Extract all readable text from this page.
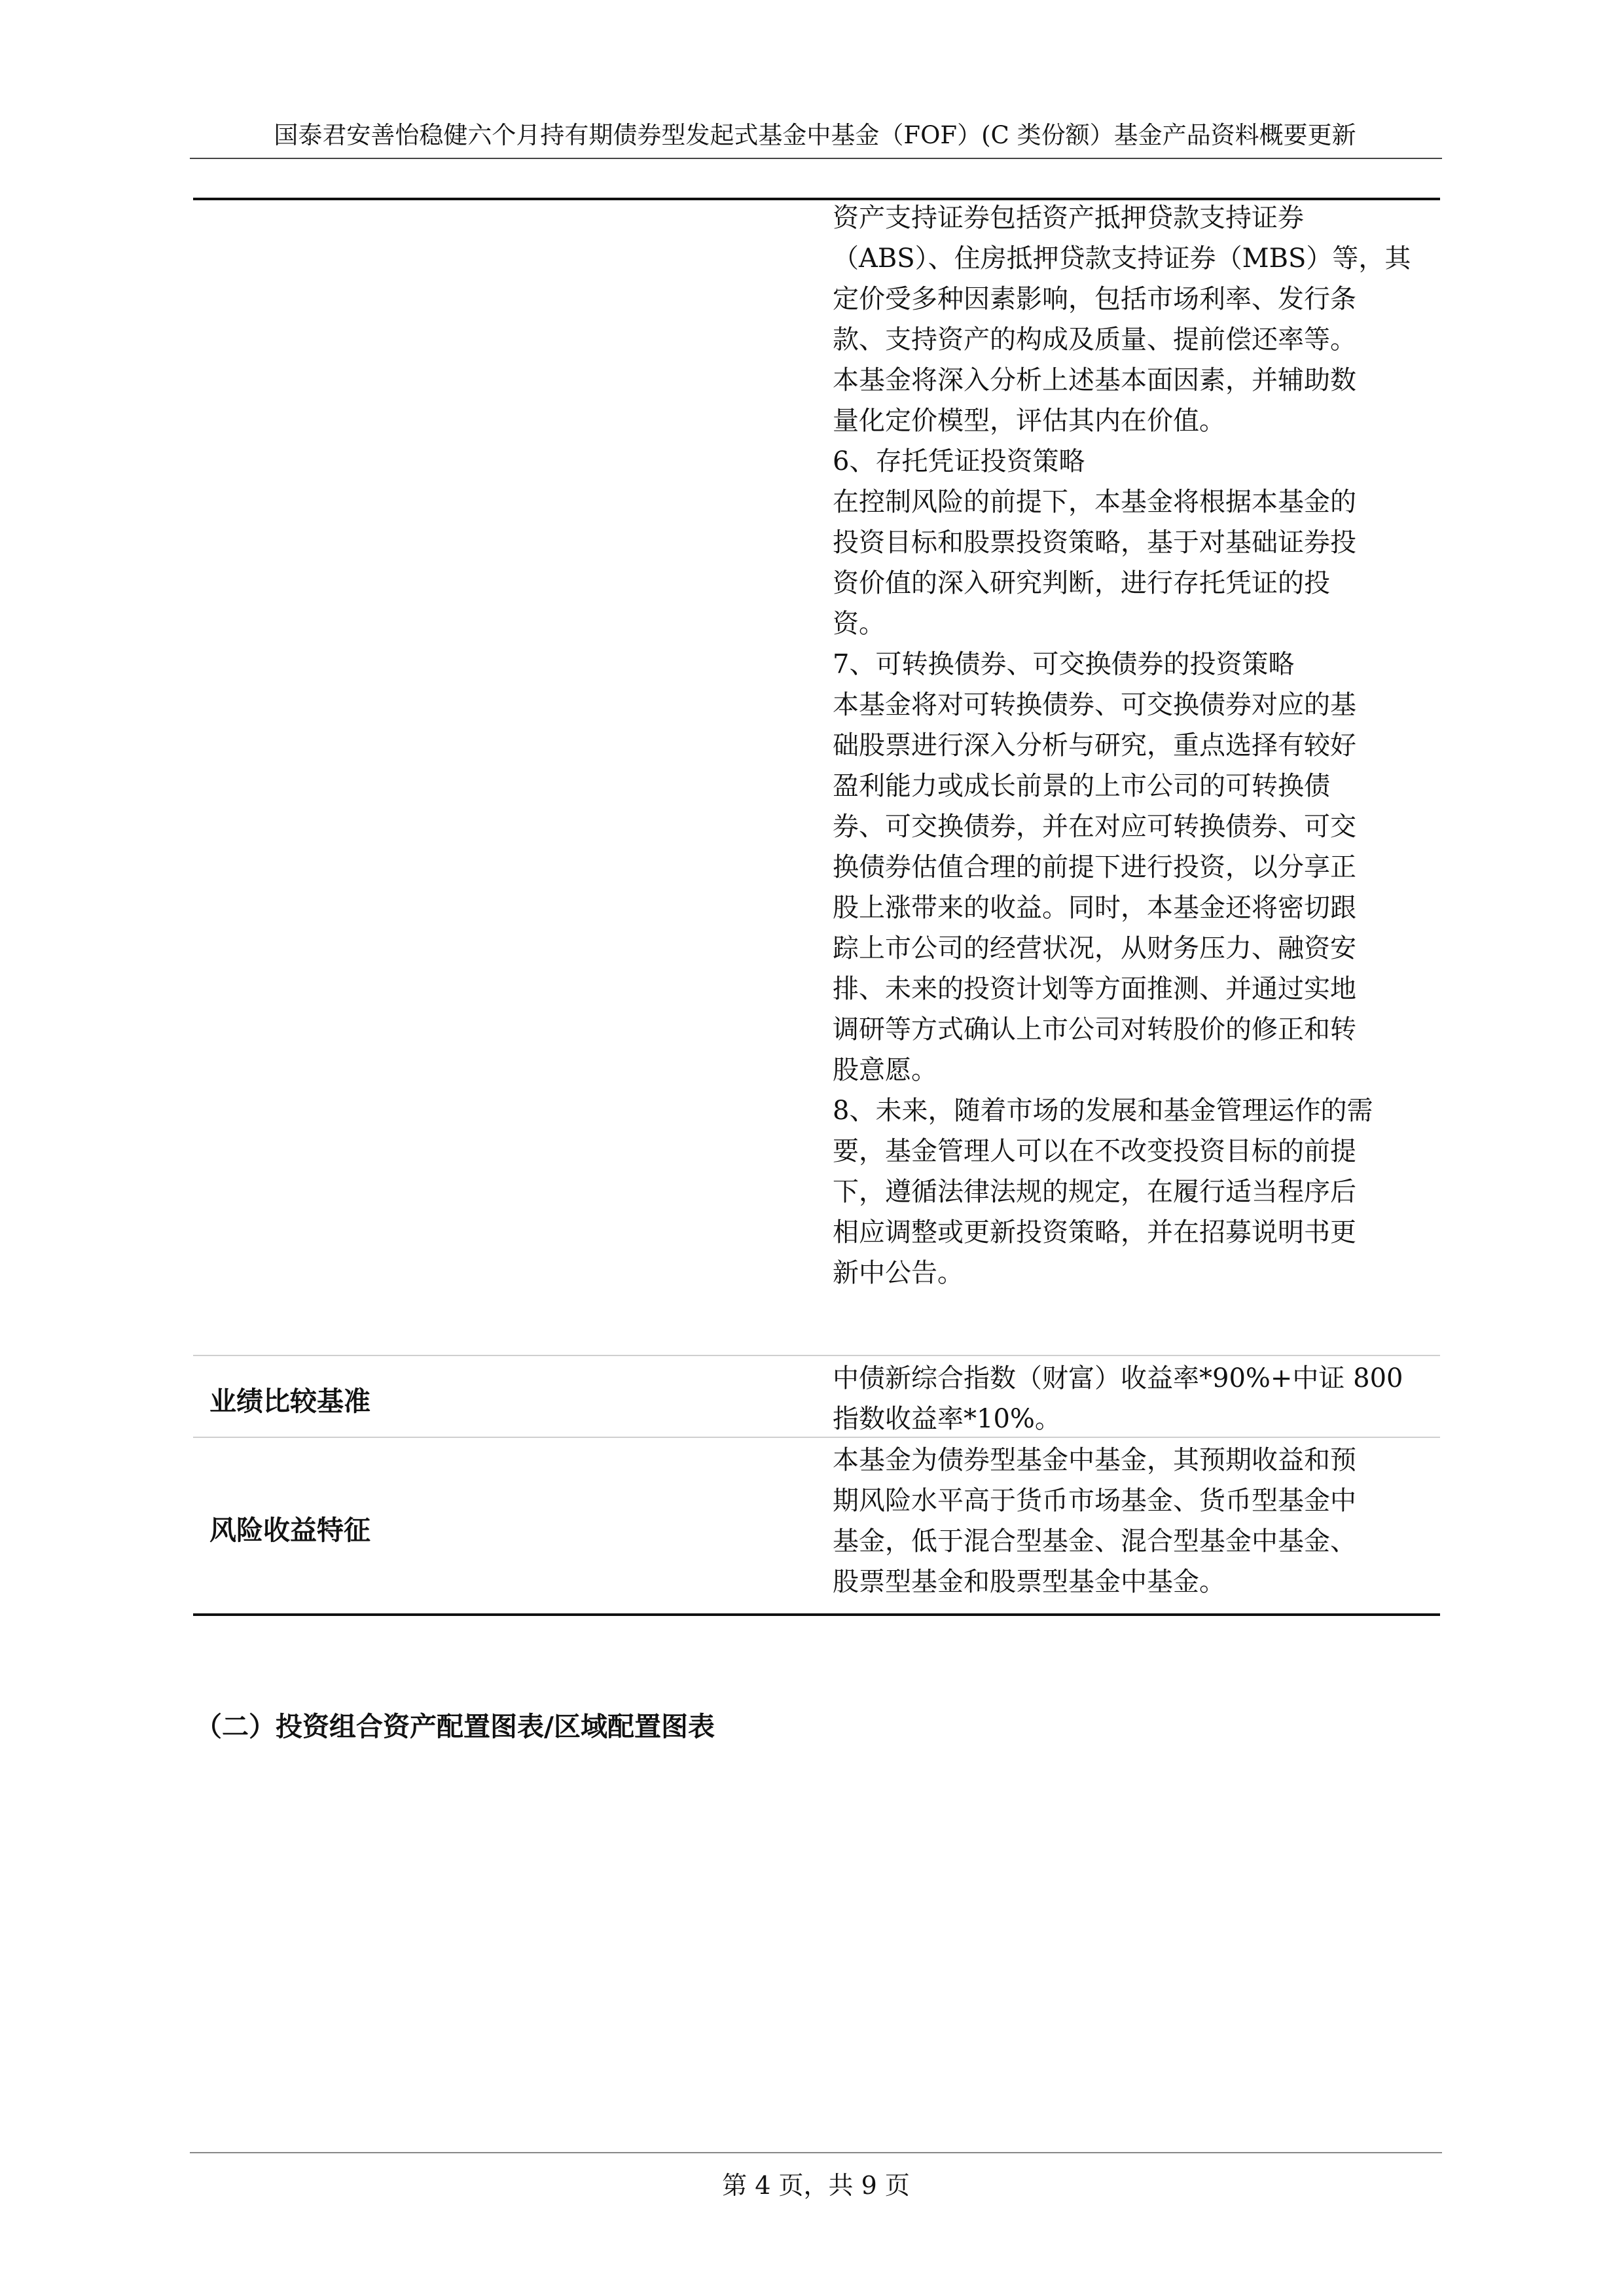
国泰君安善怡稳健六个月持有期债券型发起式基金中基金（FOF）(C 类份额）基金产品资料概要更新
资产支持证券包括资产抵押贷款支持证券
（ABS）、住房抵押贷款支持证券（MBS）等，其
定价受多种因素影响，包括市场利率、发行条
款、支持资产的构成及质量、提前偿还率等。
本基金将深入分析上述基本面因素，并辅助数
量化定价模型，评估其内在价值。
6、存托凭证投资策略
在控制风险的前提下，本基金将根据本基金的
投资目标和股票投资策略，基于对基础证券投
资价值的深入研究判断，进行存托凭证的投
资。
7、可转换债券、可交换债券的投资策略
本基金将对可转换债券、可交换债券对应的基
础股票进行深入分析与研究，重点选择有较好
盈利能力或成长前景的上市公司的可转换债
券、可交换债券，并在对应可转换债券、可交
换债券估值合理的前提下进行投资，以分享正
股上涨带来的收益。同时，本基金还将密切跟
踪上市公司的经营状况，从财务压力、融资安
排、未来的投资计划等方面推测、并通过实地
调研等方式确认上市公司对转股价的修正和转
股意愿。
8、未来，随着市场的发展和基金管理运作的需
要，基金管理人可以在不改变投资目标的前提
下，遵循法律法规的规定，在履行适当程序后
相应调整或更新投资策略，并在招募说明书更
新中公告。
业绩比较基准
中债新综合指数（财富）收益率*90%+中证 800
指数收益率*10%。
风险收益特征
本基金为债券型基金中基金，其预期收益和预
期风险水平高于货币市场基金、货币型基金中
基金，低于混合型基金、混合型基金中基金、
股票型基金和股票型基金中基金。
（二）投资组合资产配置图表/区域配置图表
第 4 页，共 9 页
